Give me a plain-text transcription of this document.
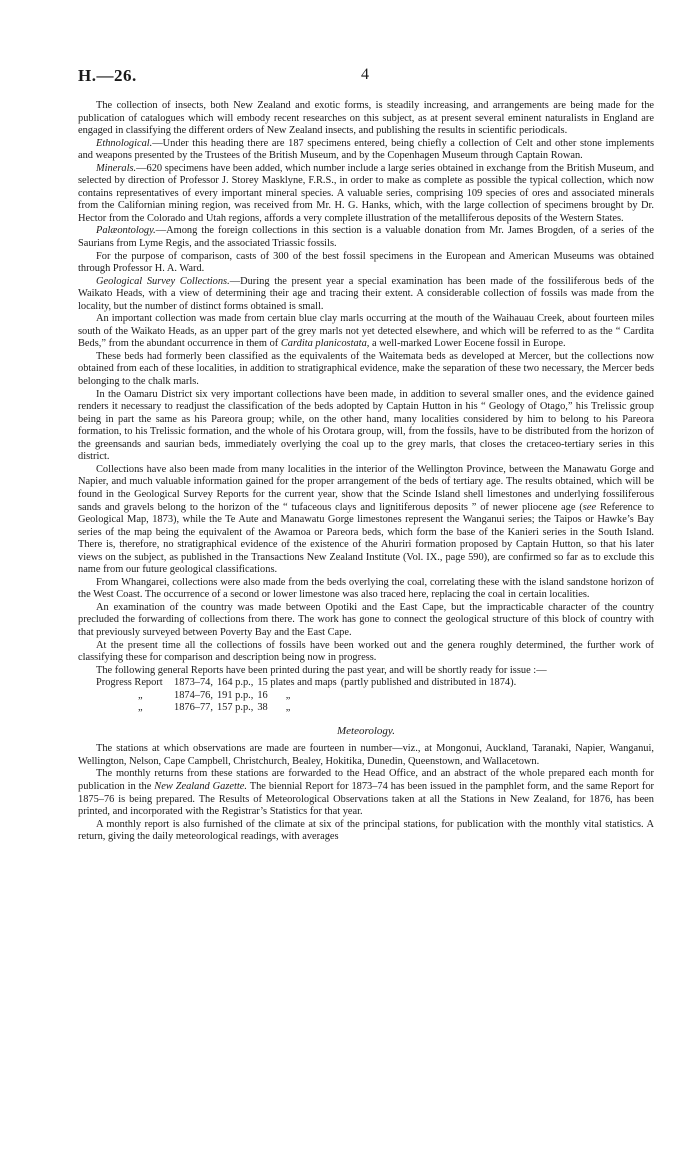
H.—26.	4

The collection of insects, both New Zealand and exotic forms, is steadily increasing, and arrangements are being made for the publication of catalogues which will embody recent researches on this subject, as at present several eminent naturalists in England are engaged in classifying the different orders of New Zealand insects, and publishing the results in scientific periodicals.

Ethnological.—Under this heading there are 187 specimens entered, being chiefly a collection of Celt and other stone implements and weapons presented by the Trustees of the British Museum, and by the Copenhagen Museum through Captain Rowan.

Minerals.—620 specimens have been added, which number include a large series obtained in exchange from the British Museum, and selected by direction of Professor J. Storey Masklyne, F.R.S., in order to make as complete as possible the typical collection, which now contains representatives of every important mineral species. A valuable series, comprising 109 species of ores and associated minerals from the Californian mining region, was received from Mr. H. G. Hanks, which, with the large collection of specimens brought by Dr. Hector from the Colorado and Utah regions, affords a very complete illustration of the metalliferous deposits of the Western States.

Palæontology.—Among the foreign collections in this section is a valuable donation from Mr. James Brogden, of a series of the Saurians from Lyme Regis, and the associated Triassic fossils.

For the purpose of comparison, casts of 300 of the best fossil specimens in the European and American Museums was obtained through Professor H. A. Ward.

Geological Survey Collections.—During the present year a special examination has been made of the fossiliferous beds of the Waikato Heads, with a view of determining their age and tracing their extent. A considerable collection of fossils was made from the locality, but the number of distinct forms obtained is small.

An important collection was made from certain blue clay marls occurring at the mouth of the Waihauau Creek, about fourteen miles south of the Waikato Heads, as an upper part of the grey marls not yet detected elsewhere, and which will be referred to as the “ Cardita Beds,” from the abundant occurrence in them of Cardita planicostata, a well-marked Lower Eocene fossil in Europe.

These beds had formerly been classified as the equivalents of the Waitemata beds as developed at Mercer, but the collections now obtained from each of these localities, in addition to stratigraphical evidence, make the separation of these two necessary, the Mercer beds belonging to the chalk marls.

In the Oamaru District six very important collections have been made, in addition to several smaller ones, and the evidence gained renders it necessary to readjust the classification of the beds adopted by Captain Hutton in his “ Geology of Otago,” his Trelissic group being in part the same as his Pareora group; while, on the other hand, many localities considered by him to belong to his Pareora formation, to his Trelissic formation, and the whole of his Orotara group, will, from the fossils, have to be distributed from the horizon of the greensands and saurian beds, immediately overlying the coal up to the grey marls, that closes the cretaceo-tertiary series in this district.

Collections have also been made from many localities in the interior of the Wellington Province, between the Manawatu Gorge and Napier, and much valuable information gained for the proper arrangement of the beds of tertiary age. The results obtained, which will be found in the Geological Survey Reports for the current year, show that the Scinde Island shell limestones and underlying fossiliferous sands and gravels belong to the horizon of the “ tufaceous clays and lignitiferous deposits ” of newer pliocene age (see Reference to Geological Map, 1873), while the Te Aute and Manawatu Gorge limestones represent the Wanganui series; the Taipos or Hawke’s Bay series of the map being the equivalent of the Awamoa or Pareora beds, which form the base of the Kanieri series in the South Island. There is, therefore, no stratigraphical evidence of the existence of the Ahuriri formation proposed by Captain Hutton, so that his later views on the subject, as published in the Transactions New Zealand Institute (Vol. IX., page 590), are confirmed so far as to exclude this name from our future geological classifications.

From Whangarei, collections were also made from the beds overlying the coal, correlating these with the island sandstone horizon of the West Coast. The occurrence of a second or lower limestone was also traced here, replacing the coal in certain localities.

An examination of the country was made between Opotiki and the East Cape, but the impracticable character of the country precluded the forwarding of collections from there. The work has gone to connect the geological structure of this block of country with that previously surveyed between Poverty Bay and the East Cape.

At the present time all the collections of fossils have been worked out and the genera roughly determined, the further work of classifying these for comparison and description being now in progress.

The following general Reports have been printed during the past year, and will be shortly ready for issue :—

Progress Report	1873–74, 164 p.p., 15 plates and maps (partly published and distributed in 1874).
„	1874–76, 191 p.p., 16 „
„	1876–77, 157 p.p., 38 „
Meteorology.

The stations at which observations are made are fourteen in number—viz., at Mongonui, Auckland, Taranaki, Napier, Wanganui, Wellington, Nelson, Cape Campbell, Christchurch, Bealey, Hokitika, Dunedin, Queenstown, and Wallacetown.

The monthly returns from these stations are forwarded to the Head Office, and an abstract of the whole prepared each month for publication in the New Zealand Gazette. The biennial Report for 1873–74 has been issued in the pamphlet form, and the same Report for 1875–76 is being prepared. The Results of Meteorological Observations taken at all the Stations in New Zealand, for 1876, has been printed, and incorporated with the Registrar’s Statistics for that year.

A monthly report is also furnished of the climate at six of the principal stations, for publication with the monthly vital statistics. A return, giving the daily meteorological readings, with averages
